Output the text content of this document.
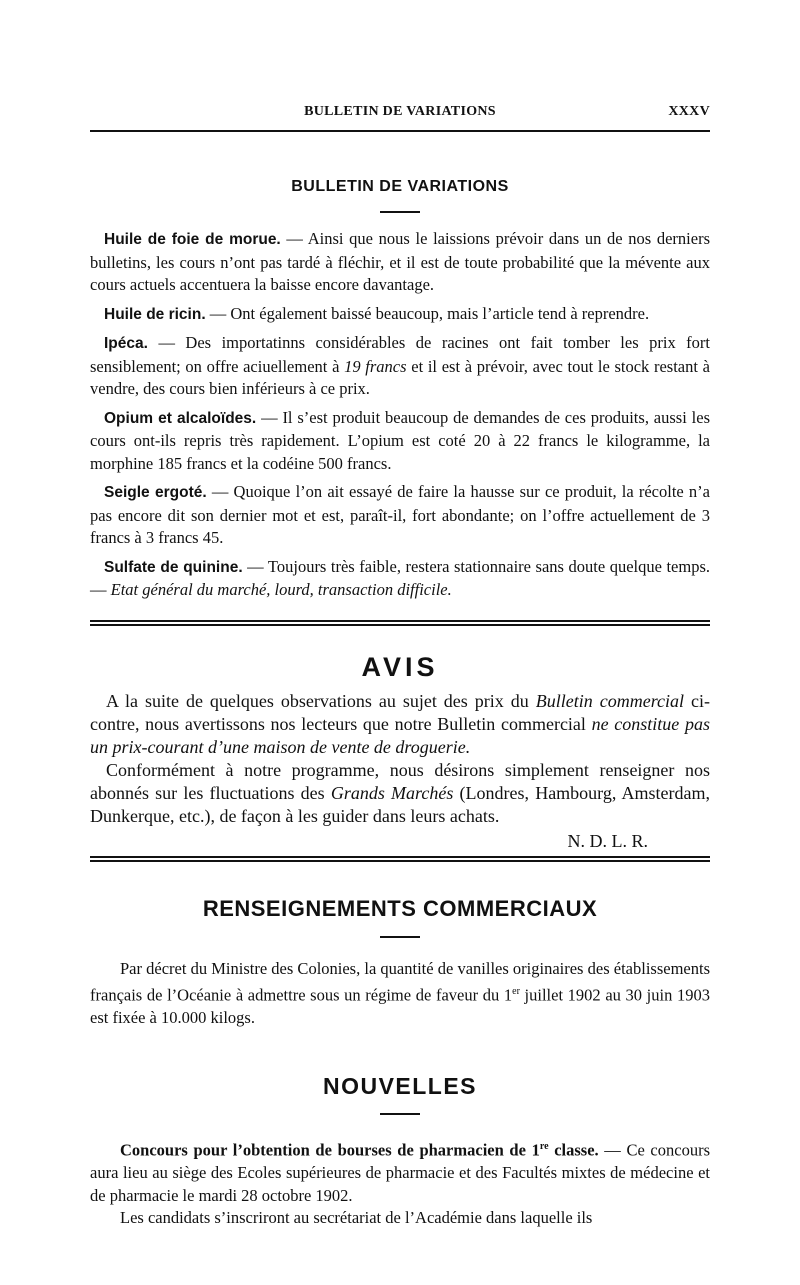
BULLETIN DE VARIATIONS	XXXV
BULLETIN DE VARIATIONS

Huile de foie de morue. — Ainsi que nous le laissions prévoir dans un de nos derniers bulletins, les cours n’ont pas tardé à fléchir, et il est de toute probabilité que la mévente aux cours actuels accentuera la baisse encore davantage.

Huile de ricin. — Ont également baissé beaucoup, mais l’article tend à reprendre.

Ipéca. — Des importatinns considérables de racines ont fait tomber les prix fort sensiblement; on offre aciuellement à 19 francs et il est à prévoir, avec tout le stock restant à vendre, des cours bien inférieurs à ce prix.

Opium et alcaloïdes. — Il s’est produit beaucoup de demandes de ces produits, aussi les cours ont-ils repris très rapidement. L’opium est coté 20 à 22 francs le kilogramme, la morphine 185 francs et la codéine 500 francs.

Seigle ergoté. — Quoique l’on ait essayé de faire la hausse sur ce produit, la récolte n’a pas encore dit son dernier mot et est, paraît-il, fort abondante; on l’offre actuellement de 3 francs à 3 francs 45.

Sulfate de quinine. — Toujours très faible, restera stationnaire sans doute quelque temps. — Etat général du marché, lourd, transaction difficile.

AVIS

A la suite de quelques observations au sujet des prix du Bulletin commercial ci-contre, nous avertissons nos lecteurs que notre Bulletin commercial ne constitue pas un prix-courant d’une maison de vente de droguerie.

Conformément à notre programme, nous désirons simplement renseigner nos abonnés sur les fluctuations des Grands Marchés (Londres, Hambourg, Amsterdam, Dunkerque, etc.), de façon à les guider dans leurs achats.

N. D. L. R.

RENSEIGNEMENTS COMMERCIAUX

Par décret du Ministre des Colonies, la quantité de vanilles originaires des établissements français de l’Océanie à admettre sous un régime de faveur du 1er juillet 1902 au 30 juin 1903 est fixée à 10.000 kilogs.

NOUVELLES

Concours pour l’obtention de bourses de pharmacien de 1re classe. — Ce concours aura lieu au siège des Ecoles supérieures de pharmacie et des Facultés mixtes de médecine et de pharmacie le mardi 28 octobre 1902.

Les candidats s’inscriront au secrétariat de l’Académie dans laquelle ils
